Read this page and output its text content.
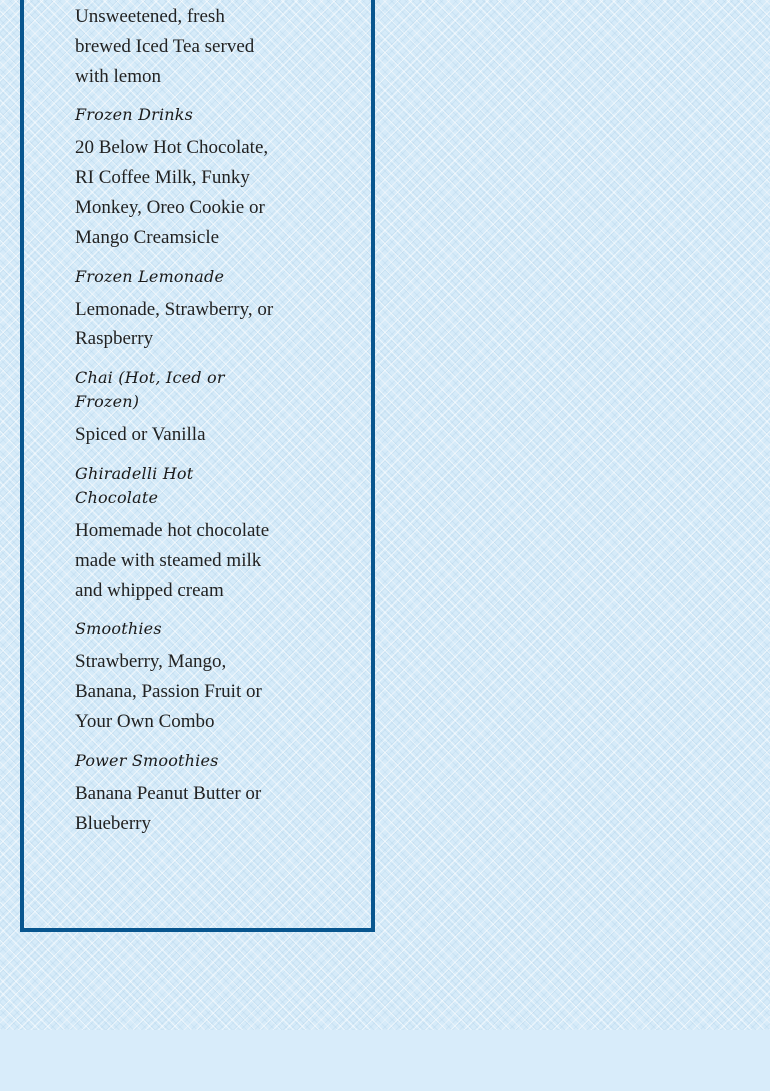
Unsweetened, fresh brewed Iced Tea served with lemon

Frozen Drinks

20 Below Hot Chocolate, RI Coffee Milk, Funky Monkey, Oreo Cookie or Mango Creamsicle

Frozen Lemonade

Lemonade, Strawberry, or Raspberry

Chai (Hot, Iced or Frozen)

Spiced or Vanilla

Ghiradelli Hot Chocolate

Homemade hot chocolate made with steamed milk and whipped cream

Smoothies

Strawberry, Mango, Banana, Passion Fruit or Your Own Combo

Power Smoothies

Banana Peanut Butter or Blueberry
